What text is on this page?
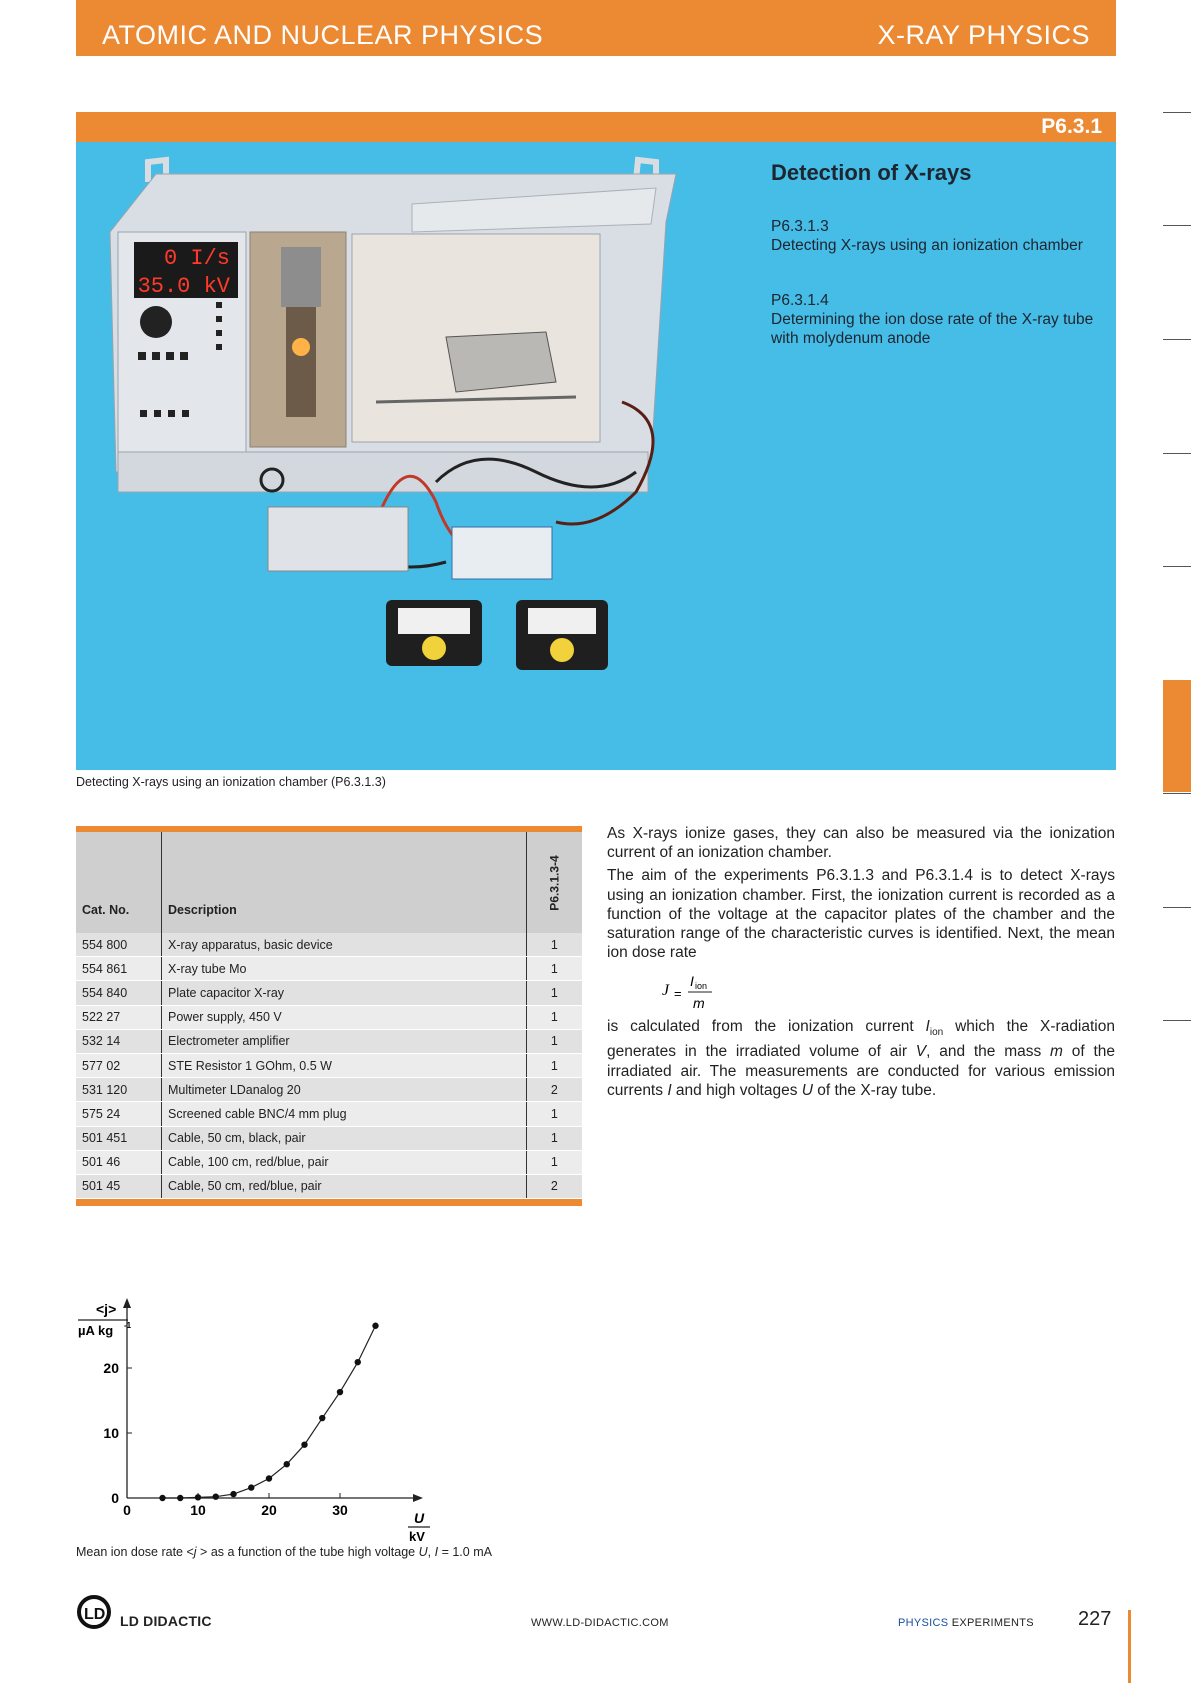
ATOMIC AND NUCLEAR PHYSICS	X-RAY PHYSICS
P6.3.1
0 I/s
35.0 kV
Detection of X-rays
P6.3.1.3
Detecting X-rays using an ionization chamber
P6.3.1.4
Determining the ion dose rate of the X-ray tube with molydenum anode
Detecting X-rays using an ionization chamber (P6.3.1.3)
Cat. No.	Description	P6.3.1.3-4
554 800	X-ray apparatus, basic device	1
554 861	X-ray tube Mo	1
554 840	Plate capacitor X-ray	1
522 27	Power supply, 450 V	1
532 14	Electrometer amplifier	1
577 02	STE Resistor 1 GOhm, 0.5 W	1
531 120	Multimeter LDanalog 20	2
575 24	Screened cable BNC/4 mm plug	1
501 451	Cable, 50 cm, black, pair	1
501 46	Cable, 100 cm, red/blue, pair	1
501 45	Cable, 50 cm, red/blue, pair	2

As X-rays ionize gases, they can also be measured via the ionization current of an ionization chamber.

The aim of the experiments P6.3.1.3 and P6.3.1.4 is to detect X-rays using an ionization chamber. First, the ionization current is recorded as a function of the voltage at the capacitor plates of the chamber and the saturation range of the characteristic curves is identified. Next, the mean ion dose rate

J =
I ion
m

is calculated from the ionization current $I_{ion}$ which the X-radiation generates in the irradiated volume of air V, and the mass m of the irradiated air. The measurements are conducted for various emission currents I and high voltages U of the X-ray tube.

0	10	20	30
0
10
20
<j>
µA kg -1
U
kV
Mean ion dose rate <j > as a function of the tube high voltage U, I = 1.0 mA
LD LD DIDACTIC	WWW.LD-DIDACTIC.COM	PHYSICS EXPERIMENTS 227
